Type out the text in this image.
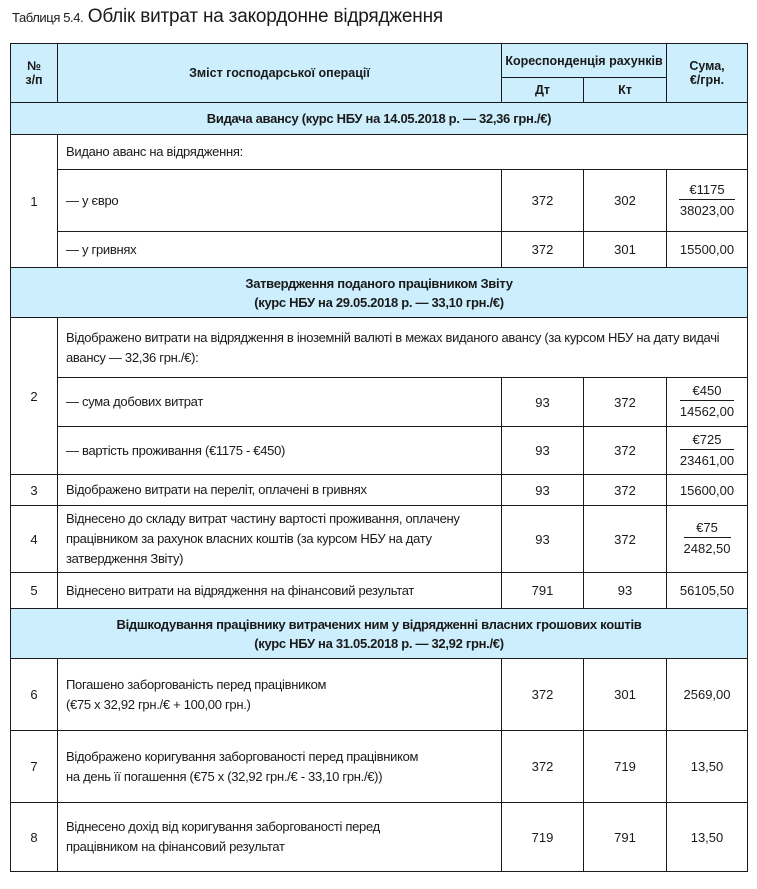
Таблиця 5.4. Облік витрат на закордонне відрядження
№
з/п	Зміст господарської операції	Кореспонденція рахунків	Сума,
€/грн.

		Дт	Кт	
Видача авансу (курс НБУ на 14.05.2018 р. — 32,36 грн./€)				
1	Видано аванс на відрядження:			
	— у євро	372	302	$\frac{€1175}{38023,00}$

	— у гривнях	372	301	15500,00

Затвердження поданого працівником Звіту
(курс НБУ на 29.05.2018 р. — 33,10 грн./€)				

2	Відображено витрати на відрядження в іноземній валюті в межах виданого авансу (за курсом НБУ на дату видачі авансу — 32,36 грн./€):			
	— сума добових витрат	93	372	$\frac{€450}{14562,00}$

	— вартість проживання (€1175 - €450)	93	372	$\frac{€725}{23461,00}$

3	Відображено витрати на переліт, оплачені в гривнях	93	372	15600,00
4	Віднесено до складу витрат частину вартості проживання, оплачену працівником за рахунок власних коштів (за курсом НБУ на дату затвердження Звіту)	93	372	$\frac{€75}{2482,50}$

5	Віднесено витрати на відрядження на фінансовий результат	791	93	56105,50

Відшкодування працівнику витрачених ним у відрядженні власних грошових коштів
(курс НБУ на 31.05.2018 р. — 32,92 грн./€)				

6	Погашено заборгованість перед працівником
(€75 x 32,92 грн./€ + 100,00 грн.)	372	301	2569,00
7	Відображено коригування заборгованості перед працівником
на день її погашення (€75 x (32,92 грн./€ - 33,10 грн./€))	372	719	13,50
8	Віднесено дохід від коригування заборгованості перед
працівником на фінансовий результат	719	791	13,50
